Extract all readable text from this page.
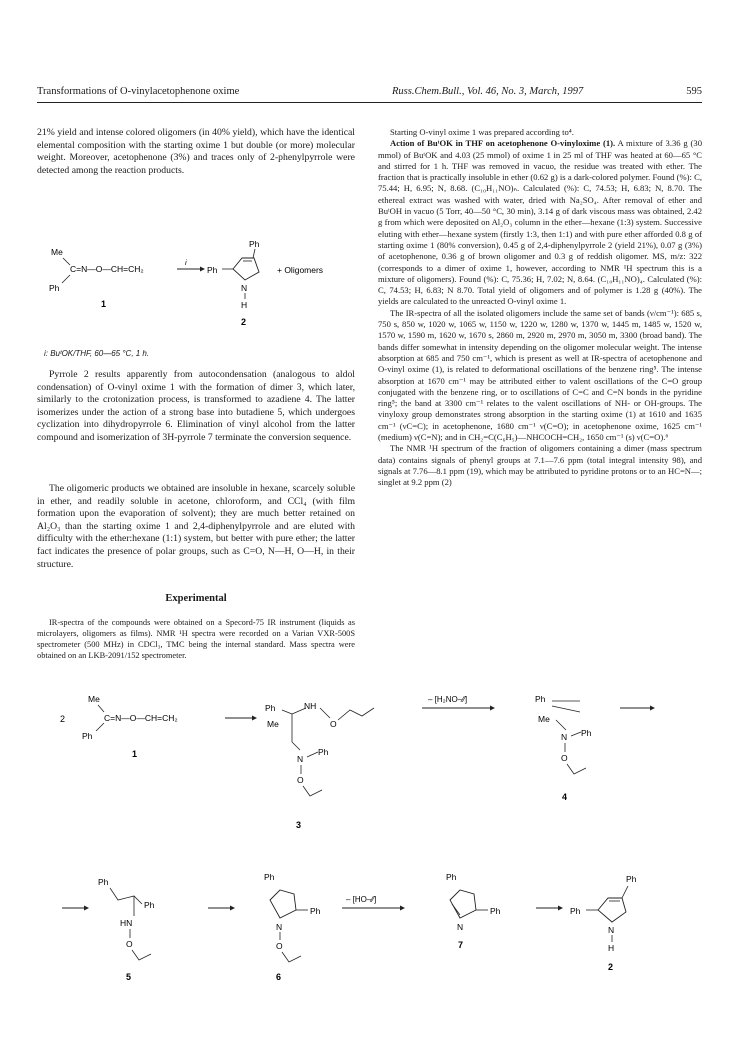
Transformations of O-vinylacetophenone oxime	Russ.Chem.Bull., Vol. 46, No. 3, March, 1997	595

21% yield and intense colored oligomers (in 40% yield), which have the identical elemental composition with the starting oxime 1 but double (or more) molecular weight. Moreover, acetophenone (3%) and traces only of 2-phenylpyrrole were detected among the reaction products.

Me
C=N—O—CH=CH₂
Ph
1
i
Ph
Ph
N
H
2
+ Oligomers
i: BuᵗOK/THF, 60—65 °C, 1 h.

Pyrrole 2 results apparently from autocondensation (analogous to aldol condensation) of O-vinyl oxime 1 with the formation of dimer 3, which later, similarly to the crotonization process, is transformed to azadiene 4. The latter isomerizes under the action of a strong base into butadiene 5, which undergoes cyclization into dihydropyrrole 6. Elimination of vinyl alcohol from the latter compound and isomerization of 3H-pyrrole 7 terminate the conversion sequence.

The oligomeric products we obtained are insoluble in hexane, scarcely soluble in ether, and readily soluble in acetone, chloroform, and CCl₄ (with film formation upon the evaporation of solvent); they are much better retained on Al₂O₃ than the starting oxime 1 and 2,4-diphenylpyrrole and are eluted with difficulty with the ether:hexane (1:1) system, but better with pure ether; the latter fact indicates the presence of polar groups, such as C=O, N—H, O—H, in their structure.

Experimental

IR-spectra of the compounds were obtained on a Specord-75 IR instrument (liquids as microlayers, oligomers as films). NMR ¹H spectra were recorded on a Varian VXR-500S spectrometer (500 MHz) in CDCl₃, TMC being the internal standard. Mass spectra were obtained on an LKB-2091/152 spectrometer.

Starting O-vinyl oxime 1 was prepared according to⁴.

Action of BuᵗOK in THF on acetophenone O-vinyloxime (1). A mixture of 3.36 g (30 mmol) of BuᵗOK and 4.03 (25 mmol) of oxime 1 in 25 ml of THF was heated at 60—65 °C and stirred for 1 h. THF was removed in vacuo, the residue was treated with ether. The fraction that is practically insoluble in ether (0.62 g) is a dark-colored polymer. Found (%): C, 75.44; H, 6.95; N, 8.68. (C₁₀H₁₁NO)ₙ. Calculated (%): C, 74.53; H, 6.83; N, 8.70. The ethereal extract was washed with water, dried with Na₂SO₄. After removal of ether and BuᵗOH in vacuo (5 Torr, 40—50 °C, 30 min), 3.14 g of dark viscous mass was obtained, 2.42 g from which were deposited on Al₂O₃ column in the ether—hexane (1:3) system. Successive eluting with ether—hexane system (firstly 1:3, then 1:1) and with pure ether afforded 0.8 g of starting oxime 1 (80% conversion), 0.45 g of 2,4-diphenylpyrrole 2 (yield 21%), 0.07 g (3%) of acetophenone, 0.36 g of brown oligomer and 0.3 g of reddish oligomer. MS, m/z: 322 (corresponds to a dimer of oxime 1, however, according to NMR ¹H spectrum this is a mixture of oligomers). Found (%): C, 75.36; H, 7.02; N, 8.64. (C₁₀H₁₁NO)₄. Calculated (%): C, 74.53; H, 6.83; N 8.70. Total yield of oligomers and of polymer is 1.28 g (40%). The yields are calculated to the unreacted O-vinyl oxime 1.

The IR-spectra of all the isolated oligomers include the same set of bands (ν/cm⁻¹): 685 s, 750 s, 850 w, 1020 w, 1065 w, 1150 w, 1220 w, 1280 w, 1370 w, 1445 m, 1485 w, 1520 w, 1570 w, 1590 m, 1620 w, 1670 s, 2860 m, 2920 m, 2970 m, 3050 m, 3300 (broad band). The bands differ somewhat in intensity depending on the oligomer molecular weight. The intense absorption at 685 and 750 cm⁻¹, which is present as well at IR-spectra of acetophenone and O-vinyl oxime (1), is related to deformational oscillations of the benzene ring⁵. The intense absorption at 1670 cm⁻¹ may be attributed either to valent oscillations of the C=O group conjugated with the benzene ring, or to oscillations of C=C and C=N bonds in the pyridine ring⁵; the band at 3300 cm⁻¹ relates to the valent oscillations of NH- or OH-groups. The vinyloxy group demonstrates strong absorption in the starting oxime (1) at 1610 and 1635 cm⁻¹ (νC=C); in acetophenone, 1680 cm⁻¹ ν(C=O); in acetophenone oxime, 1625 cm⁻¹ (medium) ν(C=N); and in CH₂=C(C₆H₅)—NHCOCH=CH₂, 1650 cm⁻¹ (s) ν(C=O).⁶

The NMR ¹H spectrum of the fraction of oligomers containing a dimer (mass spectrum data) contains signals of phenyl groups at 7.1—7.6 ppm (total integral intensity 98), and signals at 7.76—8.1 ppm (19), which may be attributed to pyridine protons or to an HC=N—; singlet at 9.2 ppm (2)

2
Me
C=N—O—CH=CH₂
Ph
1
Ph
Me
NH
O
N
Ph
O
3
– [H₂NO–⁄⁄]	Ph
Me
N Ph
O
4
Ph
Ph
HN
O
5
Ph
Ph
N
O
6
– [HO–⁄⁄]
Ph
Ph
N
7
Ph
Ph
N
H
2
